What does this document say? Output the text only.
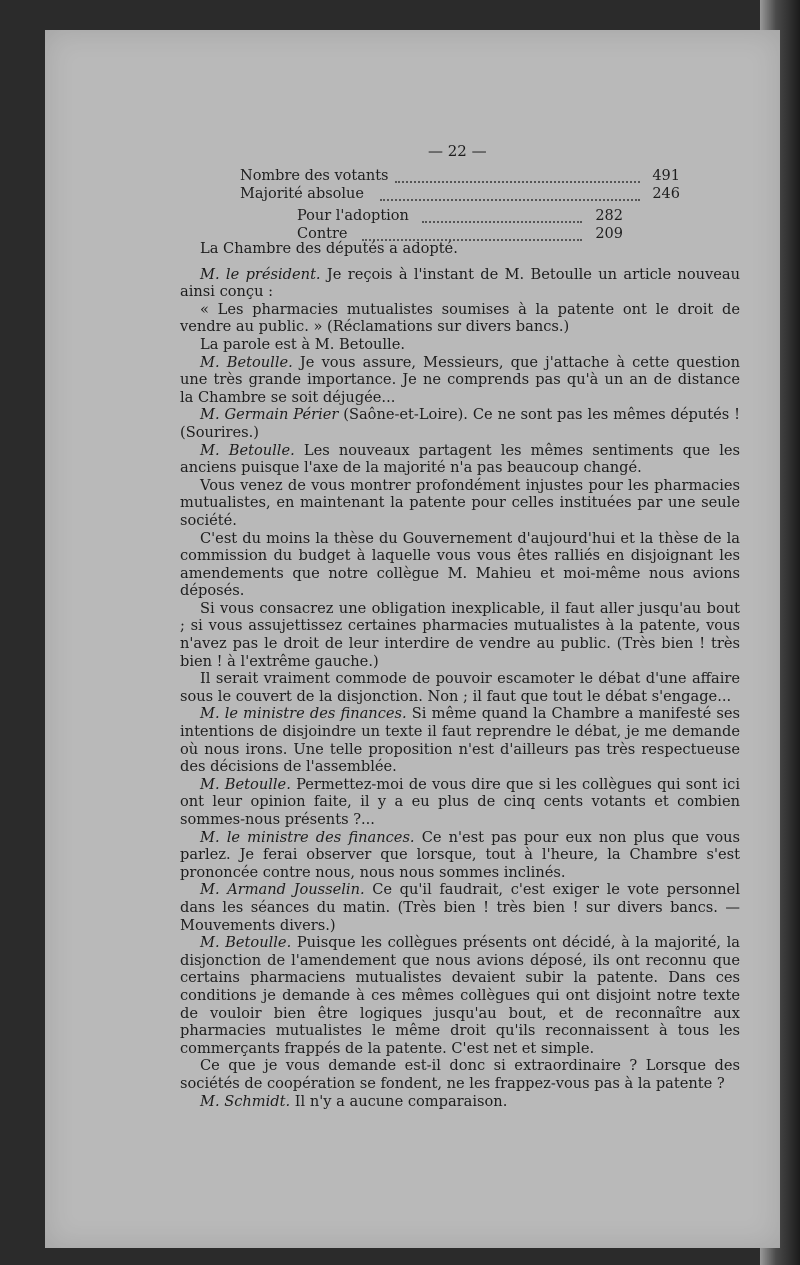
— 22 —
Nombre des votants	491
Majorité absolue	246
Pour l'adoption	282
Contre	209

La Chambre des députés a adopté.

M. le président. Je reçois à l'instant de M. Betoulle un article nouveau ainsi conçu :

« Les pharmacies mutualistes soumises à la patente ont le droit de vendre au public. » (Réclamations sur divers bancs.)

La parole est à M. Betoulle.

M. Betoulle. Je vous assure, Messieurs, que j'attache à cette question une très grande importance. Je ne comprends pas qu'à un an de distance la Chambre se soit déjugée...

M. Germain Périer (Saône-et-Loire). Ce ne sont pas les mêmes députés ! (Sourires.)

M. Betoulle. Les nouveaux partagent les mêmes sentiments que les anciens puisque l'axe de la majorité n'a pas beaucoup changé.

Vous venez de vous montrer profondément injustes pour les pharmacies mutualistes, en maintenant la patente pour celles instituées par une seule société.

C'est du moins la thèse du Gouvernement d'aujourd'hui et la thèse de la commission du budget à laquelle vous vous êtes ralliés en disjoignant les amendements que notre collègue M. Mahieu et moi-même nous avions déposés.

Si vous consacrez une obligation inexplicable, il faut aller jusqu'au bout ; si vous assujettissez certaines pharmacies mutualistes à la patente, vous n'avez pas le droit de leur interdire de vendre au public. (Très bien ! très bien ! à l'extrême gauche.)

Il serait vraiment commode de pouvoir escamoter le débat d'une affaire sous le couvert de la disjonction. Non ; il faut que tout le débat s'engage...

M. le ministre des finances. Si même quand la Chambre a manifesté ses intentions de disjoindre un texte il faut reprendre le débat, je me demande où nous irons. Une telle proposition n'est d'ailleurs pas très respectueuse des décisions de l'assemblée.

M. Betoulle. Permettez-moi de vous dire que si les collègues qui sont ici ont leur opinion faite, il y a eu plus de cinq cents votants et combien sommes-nous présents ?...

M. le ministre des finances. Ce n'est pas pour eux non plus que vous parlez. Je ferai observer que lorsque, tout à l'heure, la Chambre s'est prononcée contre nous, nous nous sommes inclinés.

M. Armand Jousselin. Ce qu'il faudrait, c'est exiger le vote personnel dans les séances du matin. (Très bien ! très bien ! sur divers bancs. — Mouvements divers.)

M. Betoulle. Puisque les collègues présents ont décidé, à la majorité, la disjonction de l'amendement que nous avions déposé, ils ont reconnu que certains pharmaciens mutualistes devaient subir la patente. Dans ces conditions je demande à ces mêmes collègues qui ont disjoint notre texte de vouloir bien être logiques jusqu'au bout, et de reconnaître aux pharmacies mutualistes le même droit qu'ils reconnaissent à tous les commerçants frappés de la patente. C'est net et simple.

Ce que je vous demande est-il donc si extraordinaire ? Lorsque des sociétés de coopération se fondent, ne les frappez-vous pas à la patente ?

M. Schmidt. Il n'y a aucune comparaison.
